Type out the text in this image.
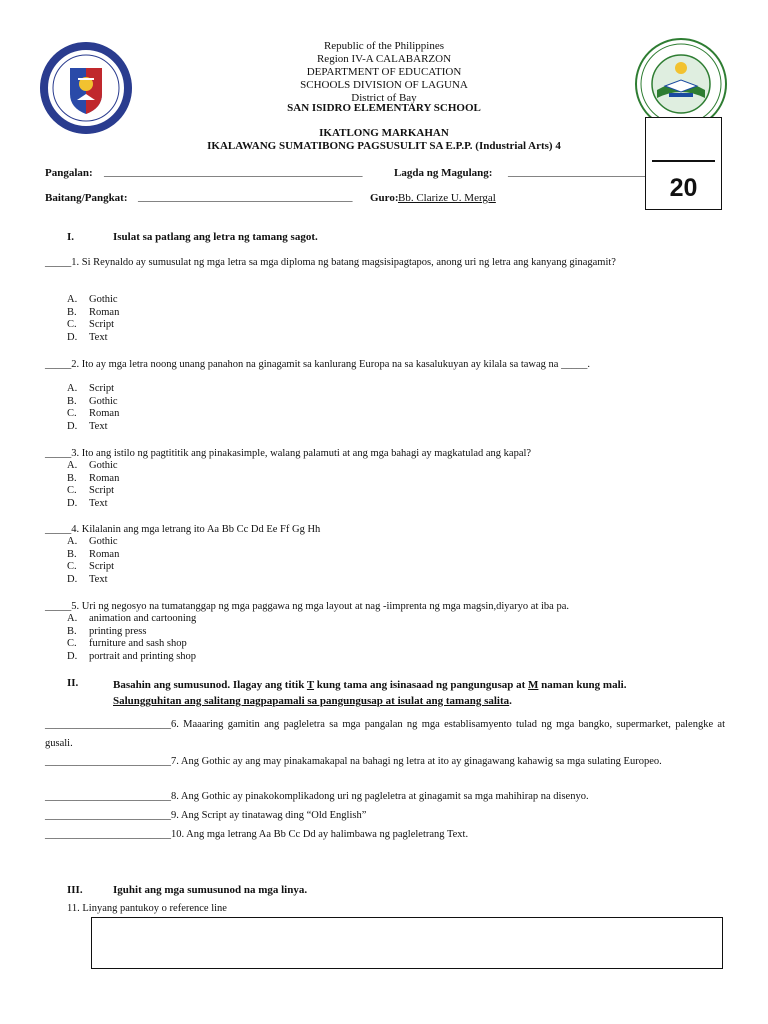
Republic of the Philippines
Region IV-A CALABARZON
DEPARTMENT OF EDUCATION
SCHOOLS DIVISION OF LAGUNA
District of Bay
SAN ISIDRO ELEMENTARY SCHOOL
IKATLONG MARKAHAN
IKALAWANG SUMATIBONG PAGSUSULIT SA E.P.P. (Industrial Arts) 4
20
Pangalan: _______________________________________________	Lagda ng Magulang: _________________________
Baitang/Pangkat: _______________________________________ Guro: Bb. Clarize U. Mergal
I.	Isulat sa patlang ang letra ng tamang sagot.
_____1. Si Reynaldo ay sumusulat ng mga letra sa mga diploma ng batang magsisipagtapos, anong uri ng letra ang kanyang ginagamit?
A. Gothic
B. Roman
C. Script
D. Text
_____2. Ito ay mga letra noong unang panahon na ginagamit sa kanlurang Europa na sa kasalukuyan ay kilala sa tawag na _____.
A. Script
B. Gothic
C. Roman
D. Text
_____3. Ito ang istilo ng pagtititik ang pinakasimple, walang palamuti at ang mga bahagi ay magkatulad ang kapal?
A. Gothic
B. Roman
C. Script
D. Text
_____4. Kilalanin ang mga letrang ito Aa Bb Cc Dd Ee Ff Gg Hh
A. Gothic
B. Roman
C. Script
D. Text
_____5. Uri ng negosyo na tumatanggap ng mga paggawa ng mga layout at nag -iimprenta ng mga magsin,diyaryo at iba pa.
A. animation and cartooning
B. printing press
C. furniture and sash shop
D. portrait and printing shop
II.	Basahin ang sumusunod. Ilagay ang titik T kung tama ang isinasaad ng pangungusap at M naman kung mali.
Salungguhitan ang salitang nagpapamali sa pangungusap at isulat ang tamang salita.
________________________6. Maaaring gamitin ang pagleletra sa mga pangalan ng mga establisamyento tulad ng mga bangko, supermarket, palengke at gusali.
________________________7. Ang Gothic ay ang may pinakamakapal na bahagi ng letra at ito ay ginagawang kahawig sa mga sulating Europeo.
________________________8. Ang Gothic ay pinakokomplikadong uri ng pagleletra at ginagamit sa mga mahihirap na disenyo.
________________________9. Ang Script ay tinatawag ding “Old English”
________________________10. Ang mga letrang Aa Bb Cc Dd ay halimbawa ng pagleletrang Text.
III.	Iguhit ang mga sumusunod na mga linya.
11. Linyang pantukoy o reference line
